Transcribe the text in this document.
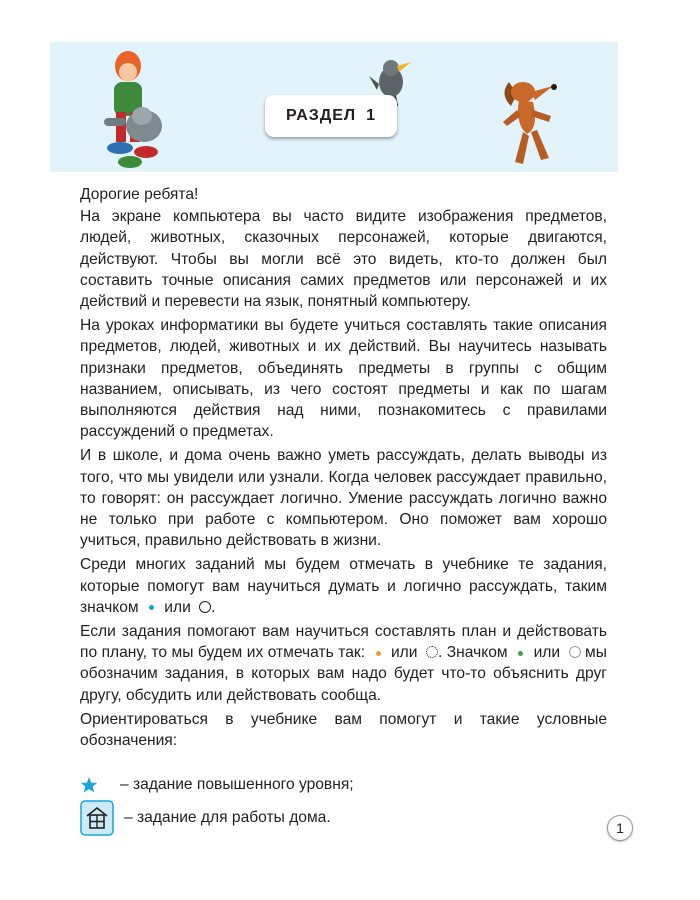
РАЗДЕЛ 1

Дорогие ребята!

На экране компьютера вы часто видите изображения предметов, людей, животных, сказочных персонажей, которые двигаются, действуют. Чтобы вы могли всё это видеть, кто-то должен был составить точные описания самих предметов или персонажей и их действий и перевести на язык, понятный компьютеру.

На уроках информатики вы будете учиться составлять такие описания предметов, людей, животных и их действий. Вы научитесь называть признаки предметов, объединять предметы в группы с общим названием, описывать, из чего состоят предметы и как по шагам выполняются действия над ними, познакомитесь с правилами рассуждений о предметах.

И в школе, и дома очень важно уметь рассуждать, делать выводы из того, что мы увидели или узнали. Когда человек рассуждает правильно, то говорят: он рассуждает логично. Умение рассуждать логично важно не только при работе с компьютером. Оно поможет вам хорошо учиться, правильно действовать в жизни.

Среди многих заданий мы будем отмечать в учебнике те задания, которые помогут вам научиться думать и логично рассуждать, таким значком или .

Если задания помогают вам научиться составлять план и действовать по плану, то мы будем их отмечать так: или . Значком или мы обозначим задания, в которых вам надо будет что-то объяснить друг другу, обсудить или действовать сообща.

Ориентироваться в учебнике вам помогут и такие условные обозначения:

– задание повышенного уровня;
– задание для работы дома.
1
